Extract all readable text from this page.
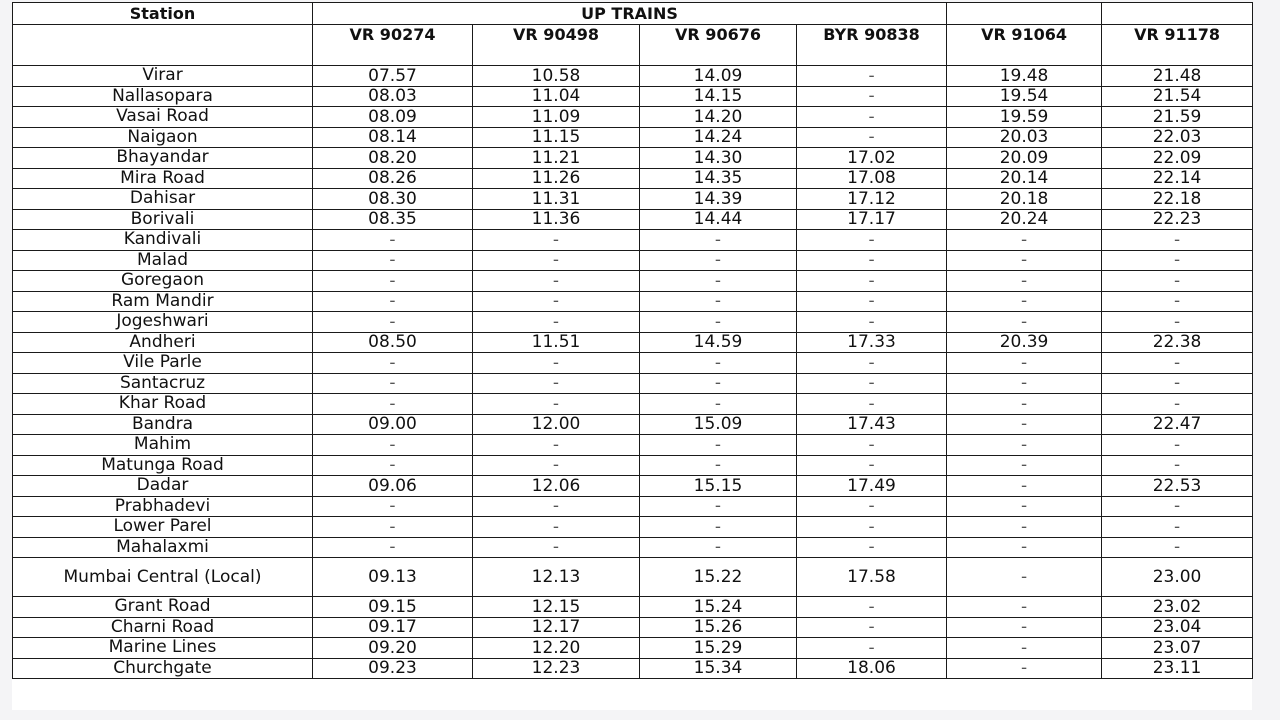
Station	UP TRAINS					
	VR 90274	VR 90498	VR 90676	BYR 90838	VR 91064	VR 91178
Virar	07.57	10.58	14.09	-	19.48	21.48
Nallasopara	08.03	11.04	14.15	-	19.54	21.54
Vasai Road	08.09	11.09	14.20	-	19.59	21.59
Naigaon	08.14	11.15	14.24	-	20.03	22.03
Bhayandar	08.20	11.21	14.30	17.02	20.09	22.09
Mira Road	08.26	11.26	14.35	17.08	20.14	22.14
Dahisar	08.30	11.31	14.39	17.12	20.18	22.18
Borivali	08.35	11.36	14.44	17.17	20.24	22.23
Kandivali	-	-	-	-	-	-
Malad	-	-	-	-	-	-
Goregaon	-	-	-	-	-	-
Ram Mandir	-	-	-	-	-	-
Jogeshwari	-	-	-	-	-	-
Andheri	08.50	11.51	14.59	17.33	20.39	22.38
Vile Parle	-	-	-	-	-	-
Santacruz	-	-	-	-	-	-
Khar Road	-	-	-	-	-	-
Bandra	09.00	12.00	15.09	17.43	-	22.47
Mahim	-	-	-	-	-	-
Matunga Road	-	-	-	-	-	-
Dadar	09.06	12.06	15.15	17.49	-	22.53
Prabhadevi	-	-	-	-	-	-
Lower Parel	-	-	-	-	-	-
Mahalaxmi	-	-	-	-	-	-
Mumbai Central (Local)	09.13	12.13	15.22	17.58	-	23.00
Grant Road	09.15	12.15	15.24	-	-	23.02
Charni Road	09.17	12.17	15.26	-	-	23.04
Marine Lines	09.20	12.20	15.29	-	-	23.07
Churchgate	09.23	12.23	15.34	18.06	-	23.11
